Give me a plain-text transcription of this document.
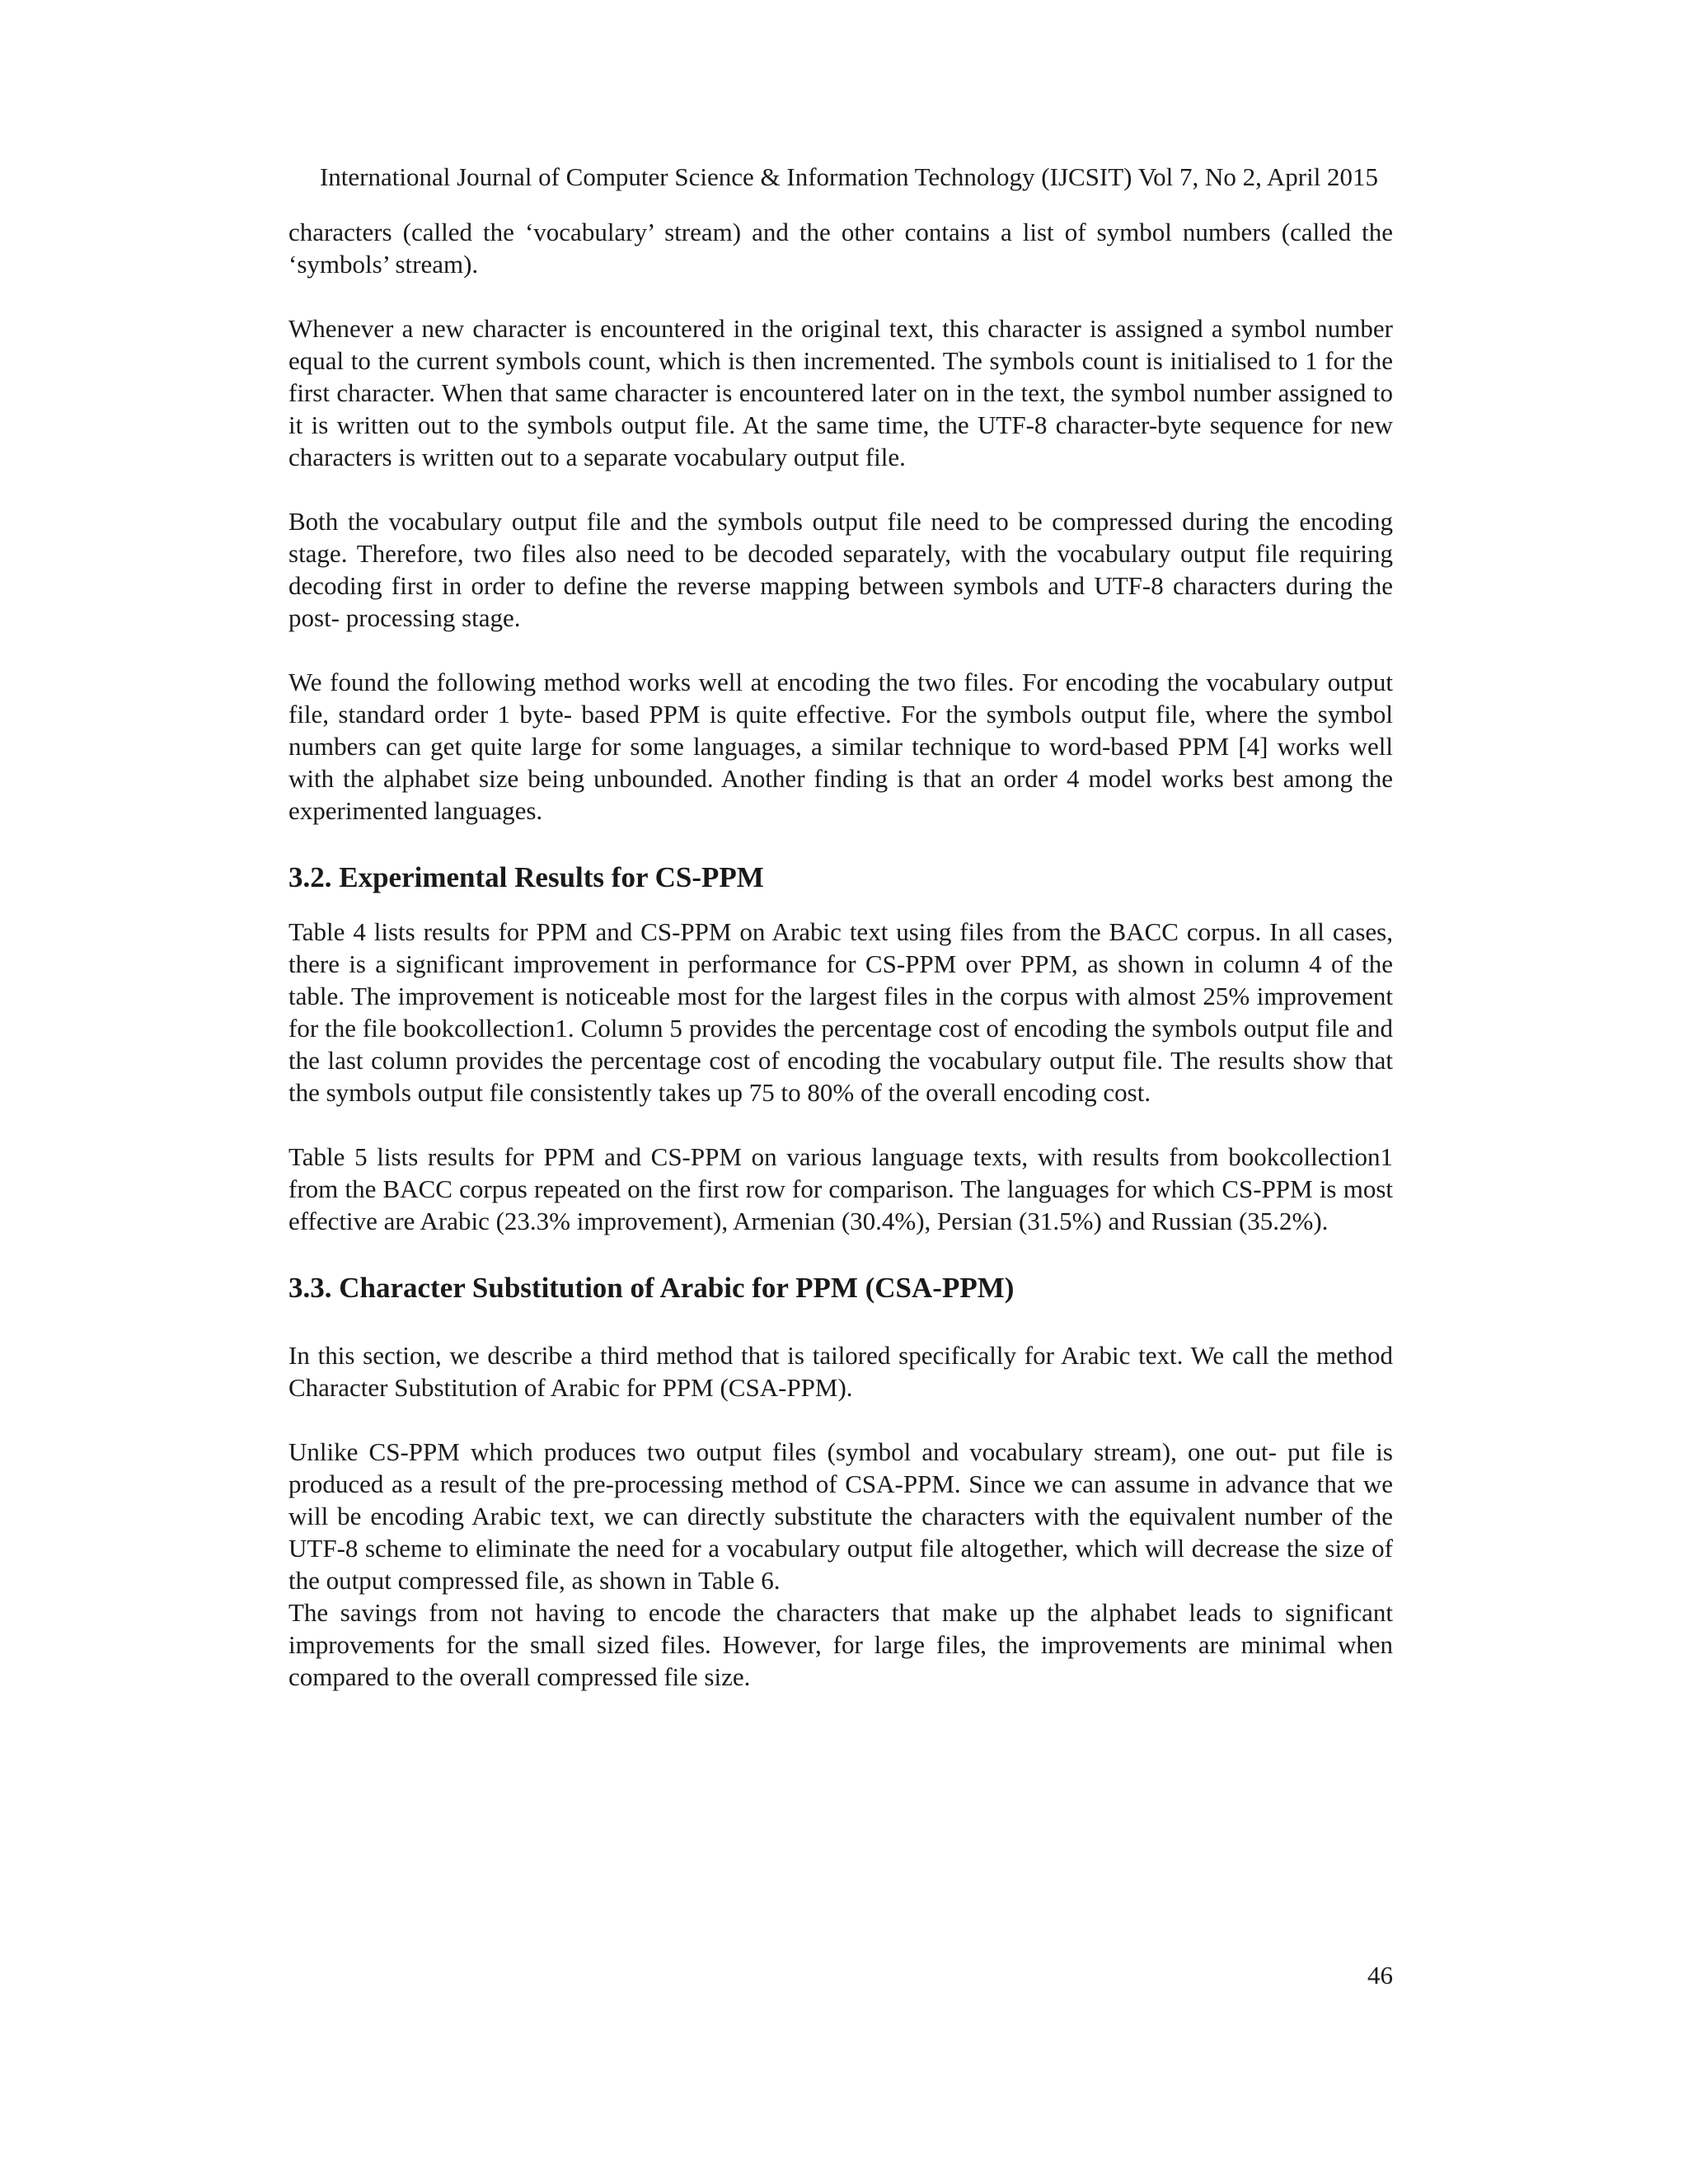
International Journal of Computer Science & Information Technology (IJCSIT) Vol 7, No 2, April 2015

characters (called the ‘vocabulary’ stream) and the other contains a list of symbol numbers (called the ‘symbols’ stream).

Whenever a new character is encountered in the original text, this character is assigned a symbol number equal to the current symbols count, which is then incremented. The symbols count is initialised to 1 for the first character. When that same character is encountered later on in the text, the symbol number assigned to it is written out to the symbols output file. At the same time, the UTF-8 character-byte sequence for new characters is written out to a separate vocabulary output file.

Both the vocabulary output file and the symbols output file need to be compressed during the encoding stage. Therefore, two files also need to be decoded separately, with the vocabulary output file requiring decoding first in order to define the reverse mapping between symbols and UTF-8 characters during the post- processing stage.

We found the following method works well at encoding the two files. For encoding the vocabulary output file, standard order 1 byte- based PPM is quite effective. For the symbols output file, where the symbol numbers can get quite large for some languages, a similar technique to word-based PPM [4] works well with the alphabet size being unbounded. Another finding is that an order 4 model works best among the experimented languages.

3.2. Experimental Results for CS-PPM

Table 4 lists results for PPM and CS-PPM on Arabic text using files from the BACC corpus. In all cases, there is a significant improvement in performance for CS-PPM over PPM, as shown in column 4 of the table. The improvement is noticeable most for the largest files in the corpus with almost 25% improvement for the file bookcollection1. Column 5 provides the percentage cost of encoding the symbols output file and the last column provides the percentage cost of encoding the vocabulary output file. The results show that the symbols output file consistently takes up 75 to 80% of the overall encoding cost.

Table 5 lists results for PPM and CS-PPM on various language texts, with results from bookcollection1 from the BACC corpus repeated on the first row for comparison. The languages for which CS-PPM is most effective are Arabic (23.3% improvement), Armenian (30.4%), Persian (31.5%) and Russian (35.2%).

3.3. Character Substitution of Arabic for PPM (CSA-PPM)

In this section, we describe a third method that is tailored specifically for Arabic text. We call the method Character Substitution of Arabic for PPM (CSA-PPM).

Unlike CS-PPM which produces two output files (symbol and vocabulary stream), one out- put file is produced as a result of the pre-processing method of CSA-PPM. Since we can assume in advance that we will be encoding Arabic text, we can directly substitute the characters with the equivalent number of the UTF-8 scheme to eliminate the need for a vocabulary output file altogether, which will decrease the size of the output compressed file, as shown in Table 6.

The savings from not having to encode the characters that make up the alphabet leads to significant improvements for the small sized files. However, for large files, the improvements are minimal when compared to the overall compressed file size.

46
